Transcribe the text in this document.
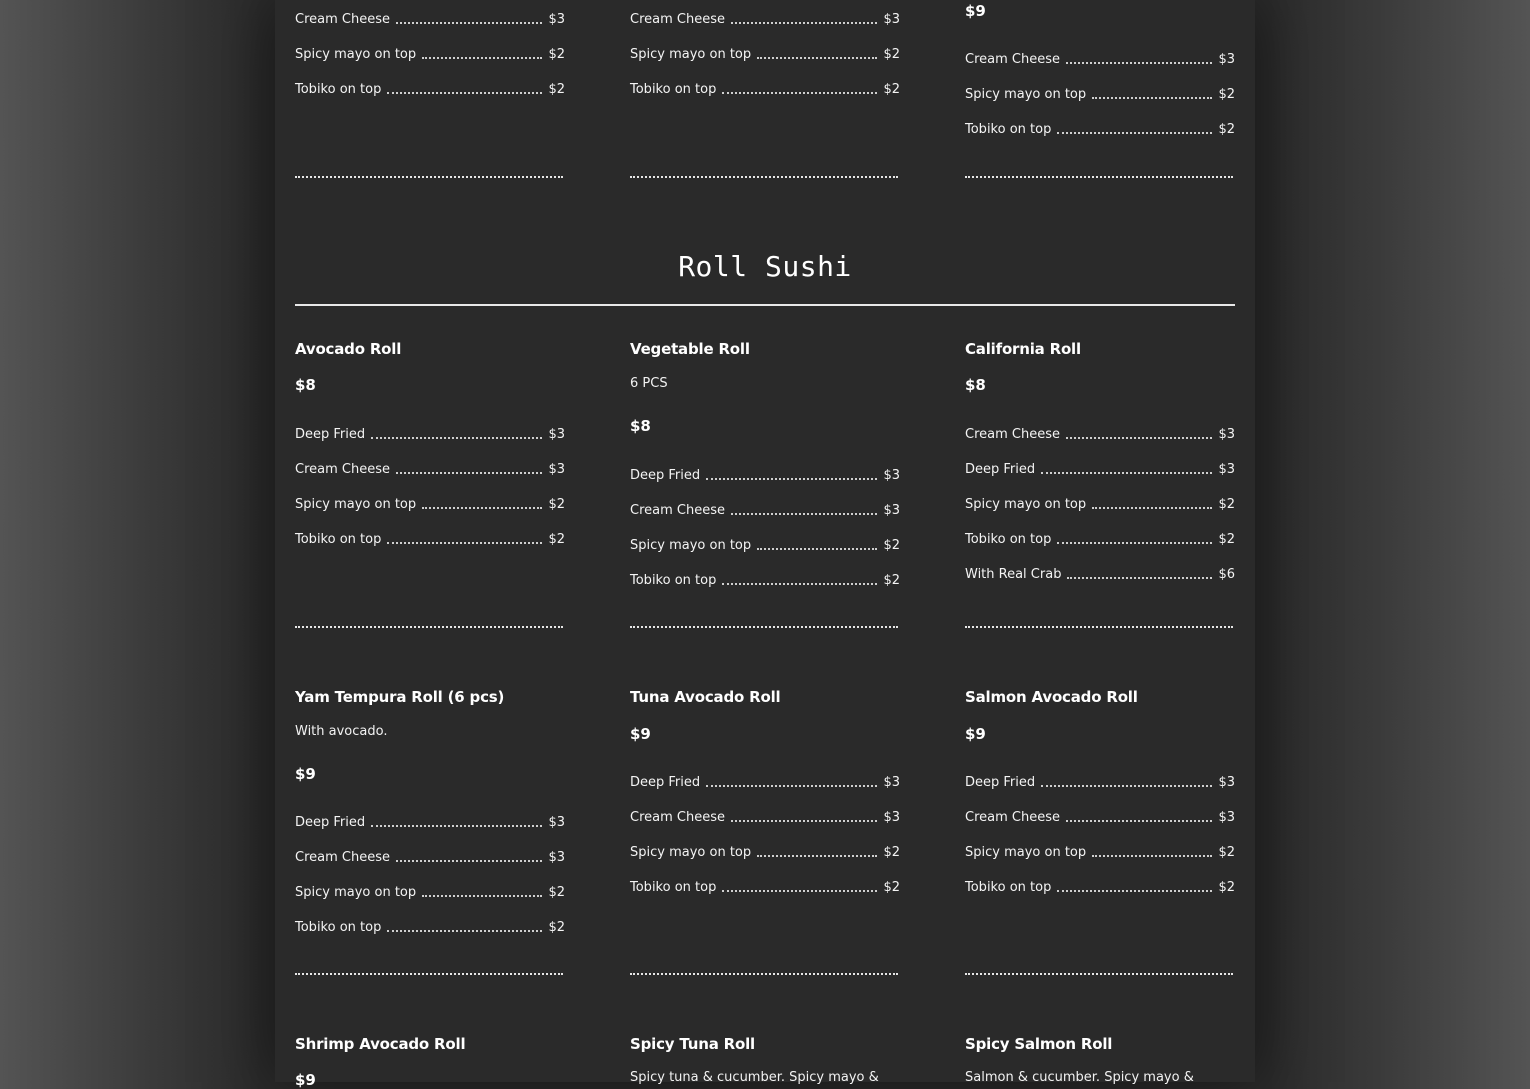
Cream Cheese	$3
Spicy mayo on top	$2
Tobiko on top	$2
Cream Cheese	$3
Spicy mayo on top	$2
Tobiko on top	$2
$9
Cream Cheese	$3
Spicy mayo on top	$2
Tobiko on top	$2
Roll Sushi
Avocado Roll
$8
Deep Fried	$3
Cream Cheese	$3
Spicy mayo on top	$2
Tobiko on top	$2
Vegetable Roll
6 PCS
$8
Deep Fried	$3
Cream Cheese	$3
Spicy mayo on top	$2
Tobiko on top	$2
California Roll
$8
Cream Cheese	$3
Deep Fried	$3
Spicy mayo on top	$2
Tobiko on top	$2
With Real Crab	$6
Yam Tempura Roll (6 pcs)
With avocado.
$9
Deep Fried	$3
Cream Cheese	$3
Spicy mayo on top	$2
Tobiko on top	$2
Tuna Avocado Roll
$9
Deep Fried	$3
Cream Cheese	$3
Spicy mayo on top	$2
Tobiko on top	$2
Salmon Avocado Roll
$9
Deep Fried	$3
Cream Cheese	$3
Spicy mayo on top	$2
Tobiko on top	$2
Shrimp Avocado Roll
$9
Spicy Tuna Roll
Spicy tuna & cucumber. Spicy mayo &
Spicy Salmon Roll
Salmon & cucumber. Spicy mayo &
